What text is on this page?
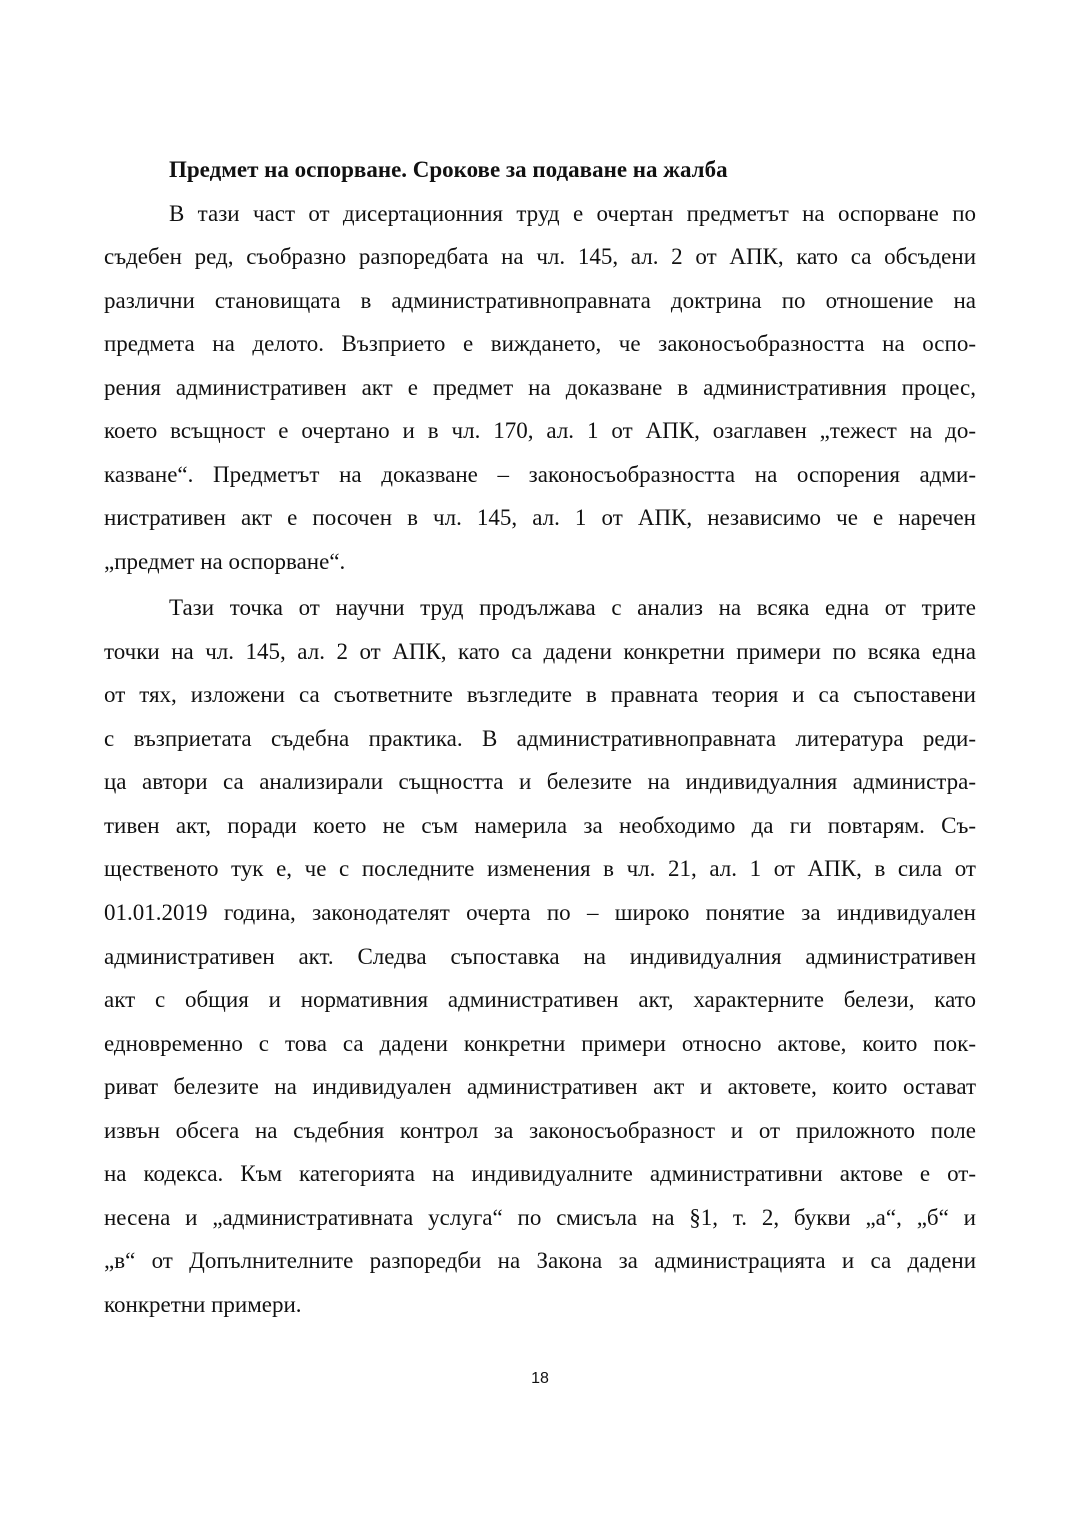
Предмет на оспорване. Срокове за подаване на жалба
В тази част от дисертационния труд е очертан предметът на оспорване по
съдебен ред, съобразно разпоредбата на чл. 145, ал. 2 от АПК, като са обсъдени
различни становищата в административноправната доктрина по отношение на
предмета на делото. Възприето е виждането, че законосъобразността на оспо-
рения административен акт е предмет на доказване в административния процес,
което всъщност е очертано и в чл. 170, ал. 1 от АПК, озаглавен „тежест на до-
казване“. Предметът на доказване – законосъобразността на оспорения адми-
нистративен акт е посочен в чл. 145, ал. 1 от АПК, независимо че е наречен
„предмет на оспорване“.
Тази точка от научни труд продължава с анализ на всяка една от трите
точки на чл. 145, ал. 2 от АПК, като са дадени конкретни примери по всяка една
от тях, изложени са съответните възгледите в правната теория и са съпоставени
с възприетата съдебна практика. В административноправната литература реди-
ца автори са анализирали същността и белезите на индивидуалния администра-
тивен акт, поради което не съм намерила за необходимо да ги повтарям. Съ-
щественото тук е, че с последните изменения в чл. 21, ал. 1 от АПК, в сила от
01.01.2019 година, законодателят очерта по – широко понятие за индивидуален
административен акт. Следва съпоставка на индивидуалния административен
акт с общия и нормативния административен акт, характерните белези, като
едновременно с това са дадени конкретни примери относно актове, които пок-
риват белезите на индивидуален административен акт и актовете, които остават
извън обсега на съдебния контрол за законосъобразност и от приложното поле
на кодекса. Към категорията на индивидуалните административни актове е от-
несена и „административната услуга“ по смисъла на §1, т. 2, букви „а“, „б“ и
„в“ от Допълнителните разпоредби на Закона за администрацията и са дадени
конкретни примери.
18
